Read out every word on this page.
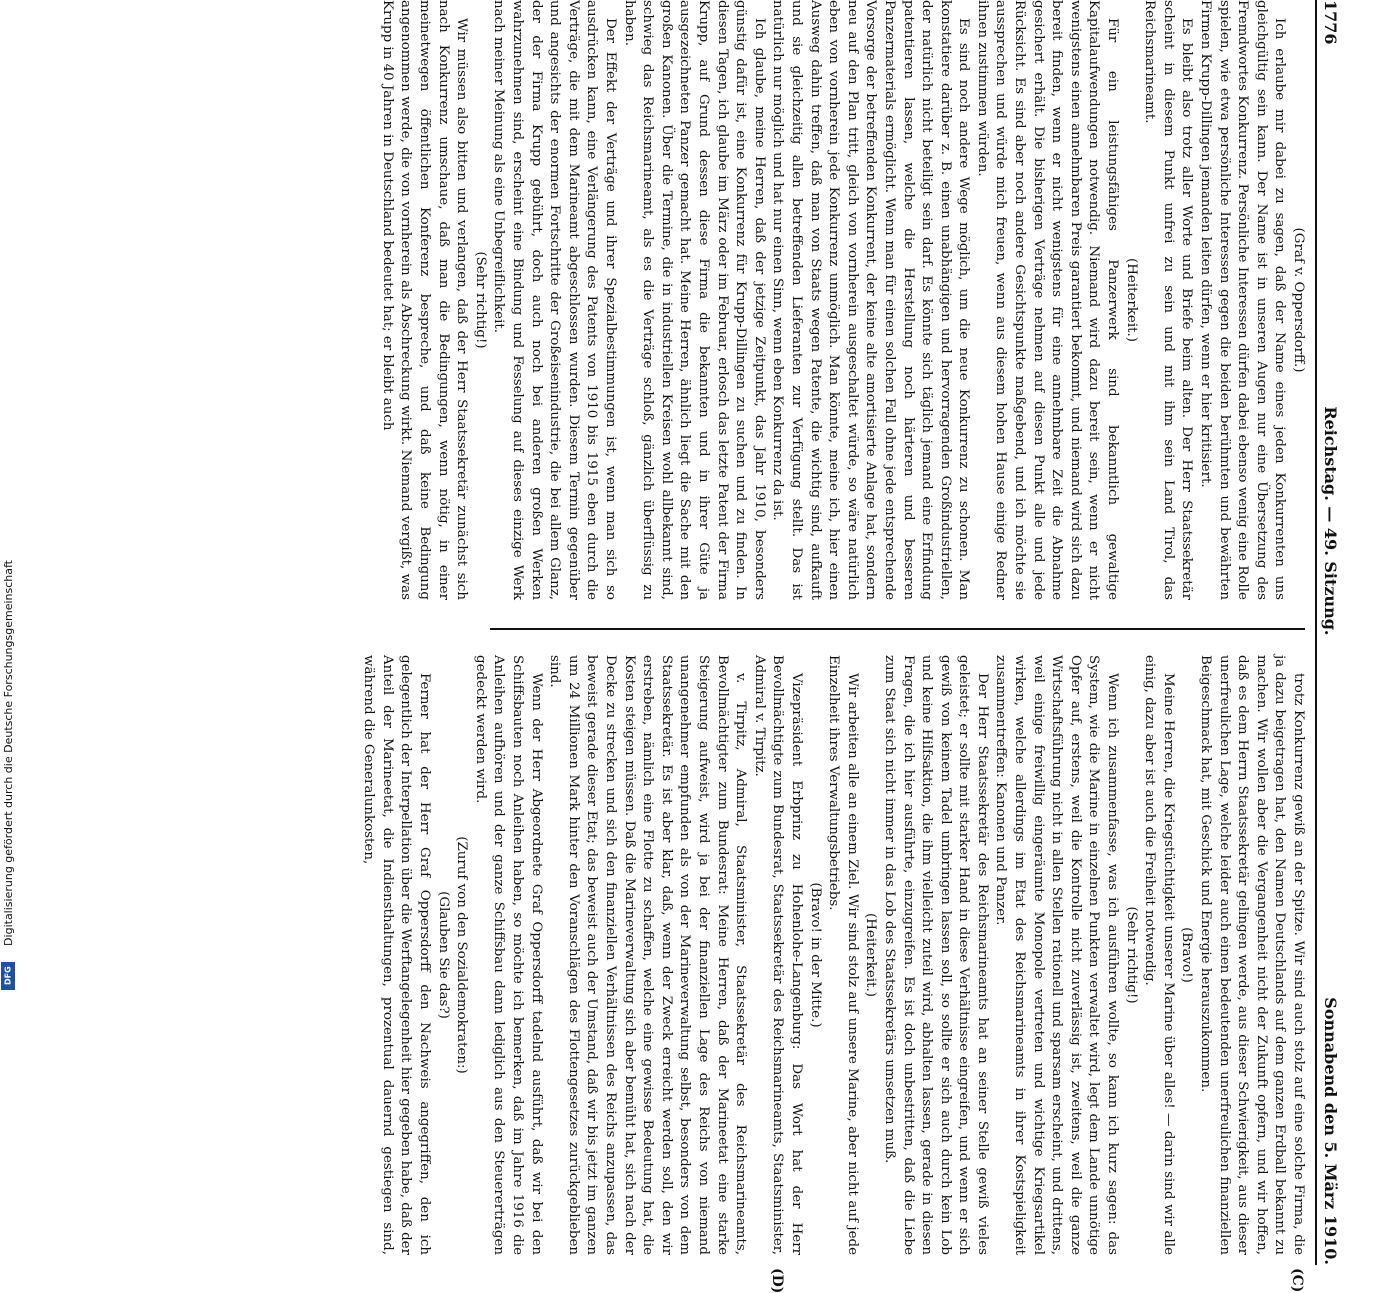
1776
Reichstag. — 49. Sitzung.
Sonnabend den 5. März 1910.
(C)
(D)

(Graf v. Oppersdorff.)

Ich erlaube mir dabei zu sagen, daß der Name eines jeden Konkurrenten uns gleichgültig sein kann. Der Name ist in unseren Augen nur eine Übersetzung des Fremdwortes Konkurrenz. Persönliche Interessen dürfen dabei ebenso wenig eine Rolle spielen, wie etwa persönliche Interessen gegen die beiden berühmten und bewährten Firmen Krupp-Dillingen jemanden leiten dürfen, wenn er hier kritisiert.

Es bleibt also trotz aller Worte und Briefe beim alten. Der Herr Staatssekretär scheint in diesem Punkt unfrei zu sein und mit ihm sein Land Tirol, das Reichsmarineamt.

(Heiterkeit.)

Für ein leistungsfähiges Panzerwerk sind bekanntlich gewaltige Kapitalaufwendungen notwendig. Niemand wird dazu bereit sein, wenn er nicht wenigstens einen annehmbaren Preis garantiert bekommt, und niemand wird sich dazu bereit finden, wenn er nicht wenigstens für eine annehmbare Zeit die Abnahme gesichert erhält. Die bisherigen Verträge nehmen auf diesen Punkt alle und jede Rücksicht. Es sind aber noch andere Gesichtspunkte maßgebend, und ich möchte sie aussprechen und würde mich freuen, wenn aus diesem hohen Hause einige Redner ihnen zustimmen würden.

Es sind noch andere Wege möglich, um die neue Konkurrenz zu schonen. Man konstatiere darüber z. B. einen unabhängigen und hervorragenden Großindustriellen, der natürlich nicht beteiligt sein darf. Es könnte sich täglich jemand eine Erfindung patentieren lassen, welche die Herstellung noch härteren und besseren Panzermaterials ermöglicht. Wenn man für einen solchen Fall ohne jede entsprechende Vorsorge der betreffenden Konkurrent, der keine alte amortisierte Anlage hat, sondern neu auf den Plan tritt, gleich von vornherein ausgeschaltet würde, so wäre natürlich eben von vornherein jede Konkurrenz unmöglich. Man könnte, meine ich, hier einen Ausweg dahin treffen, daß man von Staats wegen Patente, die wichtig sind, aufkauft und sie gleichzeitig allen betreffenden Lieferanten zur Verfügung stellt. Das ist natürlich nur möglich und hat nur einen Sinn, wenn eben Konkurrenz da ist.

Ich glaube, meine Herren, daß der jetzige Zeitpunkt, das Jahr 1910, besonders günstig dafür ist, eine Konkurrenz für Krupp-Dillingen zu suchen und zu finden. In diesen Tagen, ich glaube im März oder im Februar, erlosch das letzte Patent der Firma Krupp, auf Grund dessen diese Firma die bekannten und in ihrer Güte ja ausgezeichneten Panzer gemacht hat. Meine Herren, ähnlich liegt die Sache mit den großen Kanonen. Über die Termine, die in industriellen Kreisen wohl allbekannt sind, schwieg das Reichsmarineamt, als es die Verträge schloß, gänzlich überflüssig zu haben.

Der Effekt der Verträge und ihrer Spezialbestimmungen ist, wenn man sich so ausdrücken kann, eine Verlängerung des Patents von 1910 bis 1915 eben durch die Verträge, die mit dem Marineamt abgeschlossen wurden. Diesem Termin gegenüber und angesichts der enormen Fortschritte der Großeisenindustrie, die bei allem Glanz, der der Firma Krupp gebührt, doch auch noch bei anderen großen Werken wahrzunehmen sind, erscheint eine Bindung und Fesselung auf dieses einzige Werk nach meiner Meinung als eine Unbegreiflichkeit.

(Sehr richtig!)

Wir müssen also bitten und verlangen, daß der Herr Staatssekretär zunächst sich nach Konkurrenz umschaue, daß man die Bedingungen, wenn nötig, in einer meinetwegen öffentlichen Konferenz bespreche, und daß keine Bedingung angenommen werde, die von vornherein als Abschreckung wirkt. Niemand vergißt, was Krupp in 40 Jahren in Deutschland bedeutet hat; er bleibt auch

trotz Konkurrenz gewiß an der Spitze. Wir sind auch stolz auf eine solche Firma, die ja dazu beigetragen hat, den Namen Deutschlands auf dem ganzen Erdball bekannt zu machen. Wir wollen aber die Vergangenheit nicht der Zukunft opfern, und wir hoffen, daß es dem Herrn Staatssekretär gelingen werde, aus dieser Schwierigkeit, aus dieser unerfreulichen Lage, welche leider auch einen bedeutenden unerfreulichen finanziellen Beigeschmack hat, mit Geschick und Energie herauszukommen.

(Bravo!)

Meine Herren, die Kriegstüchtigkeit unserer Marine über alles! — darin sind wir alle einig, dazu aber ist auch die Freiheit notwendig.

(Sehr richtig!)

Wenn ich zusammenfasse, was ich ausführen wollte, so kann ich kurz sagen: das System, wie die Marine in einzelnen Punkten verwaltet wird, legt dem Lande unnötige Opfer auf, erstens, weil die Kontrolle nicht zuverlässig ist, zweitens, weil die ganze Wirtschaftsführung nicht in allen Stellen rationell und sparsam erscheint, und drittens, weil einige freiwillig eingeräumte Monopole vertreten und wichtige Kriegsartikel wirken, welche allerdings im Etat des Reichsmarineamts in ihrer Kostspieligkeit zusammentreffen: Kanonen und Panzer.

Der Herr Staatssekretär des Reichsmarineamts hat an seiner Stelle gewiß vieles geleistet; er sollte mit starker Hand in diese Verhältnisse eingreifen, und wenn er sich gewiß von keinem Tadel umbringen lassen soll, so sollte er sich auch durch kein Lob und keine Hilfsaktion, die ihm vielleicht zuteil wird, abhalten lassen, gerade in diesen Fragen, die ich hier ausführte, einzugreifen. Es ist doch unbestritten, daß die Liebe zum Staat sich nicht immer in das Lob des Staatssekretärs umsetzen muß.

(Heiterkeit.)

Wir arbeiten alle an einem Ziel. Wir sind stolz auf unsere Marine, aber nicht auf jede Einzelheit ihres Verwaltungsbetriebs.

(Bravo! in der Mitte.)

Vizepräsident Erbprinz zu Hohenlohe-Langenburg: Das Wort hat der Herr Bevollmächtigte zum Bundesrat, Staatssekretär des Reichsmarineamts, Staatsminister, Admiral v. Tirpitz.

v. Tirpitz, Admiral, Staatsminister, Staatssekretär des Reichsmarineamts, Bevollmächtigter zum Bundesrat: Meine Herren, daß der Marineetat eine starke Steigerung aufweist, wird ja bei der finanziellen Lage des Reichs von niemand unangenehmer empfunden als von der Marineverwaltung selbst, besonders von dem Staatssekretär. Es ist aber klar, daß, wenn der Zweck erreicht werden soll, den wir erstreben, nämlich eine Flotte zu schaffen, welche eine gewisse Bedeutung hat, die Kosten steigen müssen. Daß die Marineverwaltung sich aber bemüht hat, sich nach der Decke zu strecken und sich den finanziellen Verhältnissen des Reichs anzupassen, das beweist gerade dieser Etat; das beweist auch der Umstand, daß wir bis jetzt im ganzen um 24 Millionen Mark hinter den Voranschlägen des Flottengesetzes zurückgeblieben sind.

Wenn der Herr Abgeordnete Graf Oppersdorff tadelnd ausführt, daß wir bei den Schiffsbauten noch Anleihen haben, so möchte ich bemerken, daß im Jahre 1916 die Anleihen aufhören und der ganze Schiffsbau dann lediglich aus den Steuererträgen gedeckt werden wird.

(Zuruf von den Sozialdemokraten:)

(Glauben Sie das?)

Ferner hat der Herr Graf Oppersdorff den Nachweis angegriffen, den ich gelegentlich der Interpellation über die Werftangelegenheit hier gegeben habe, daß der Anteil der Marineetat, die Indiensthaltungen, prozentual dauernd gestiegen sind, während die Generalunkosten,

Digitalisierung gefördert durch die Deutsche Forschungsgemeinschaft
DFG
